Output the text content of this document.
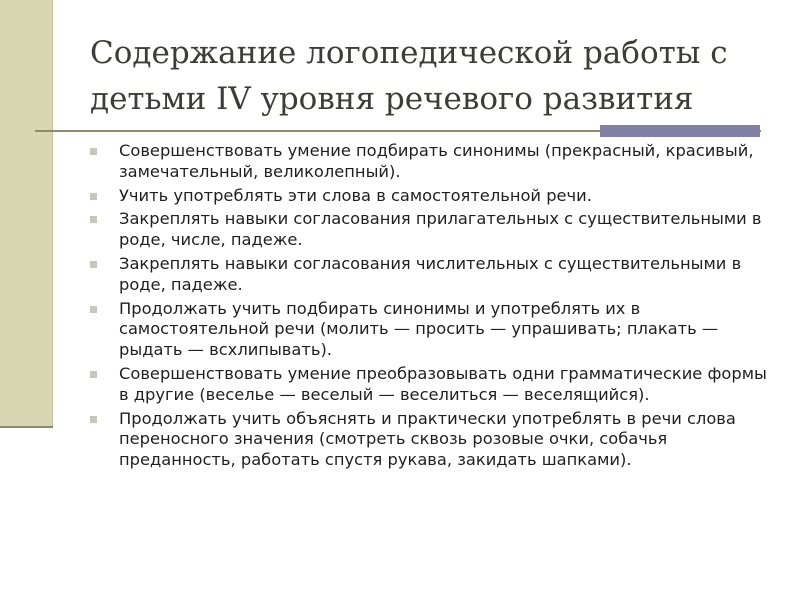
Содержание логопедической работы с детьми IV уровня речевого развития
Совершенствовать умение подбирать синонимы (прекрасный, красивый, замечательный, великолепный).
Учить употреблять эти слова в самостоятельной речи.
Закреплять навыки согласования прилагательных с существительными в роде, числе, падеже.
Закреплять навыки согласования числительных с существительными в роде, падеже.
Продолжать учить подбирать синонимы и употреблять их в самостоятельной речи (молить — просить — упрашивать; плакать — рыдать — всхлипывать).
Совершенствовать умение преобразовывать одни грамматические формы в другие (веселье — веселый — веселиться — веселящийся).
Продолжать учить объяснять и практически употреблять в речи слова переносного значения (смотреть сквозь розовые очки, собачья преданность, работать спустя рукава, закидать шапками).
